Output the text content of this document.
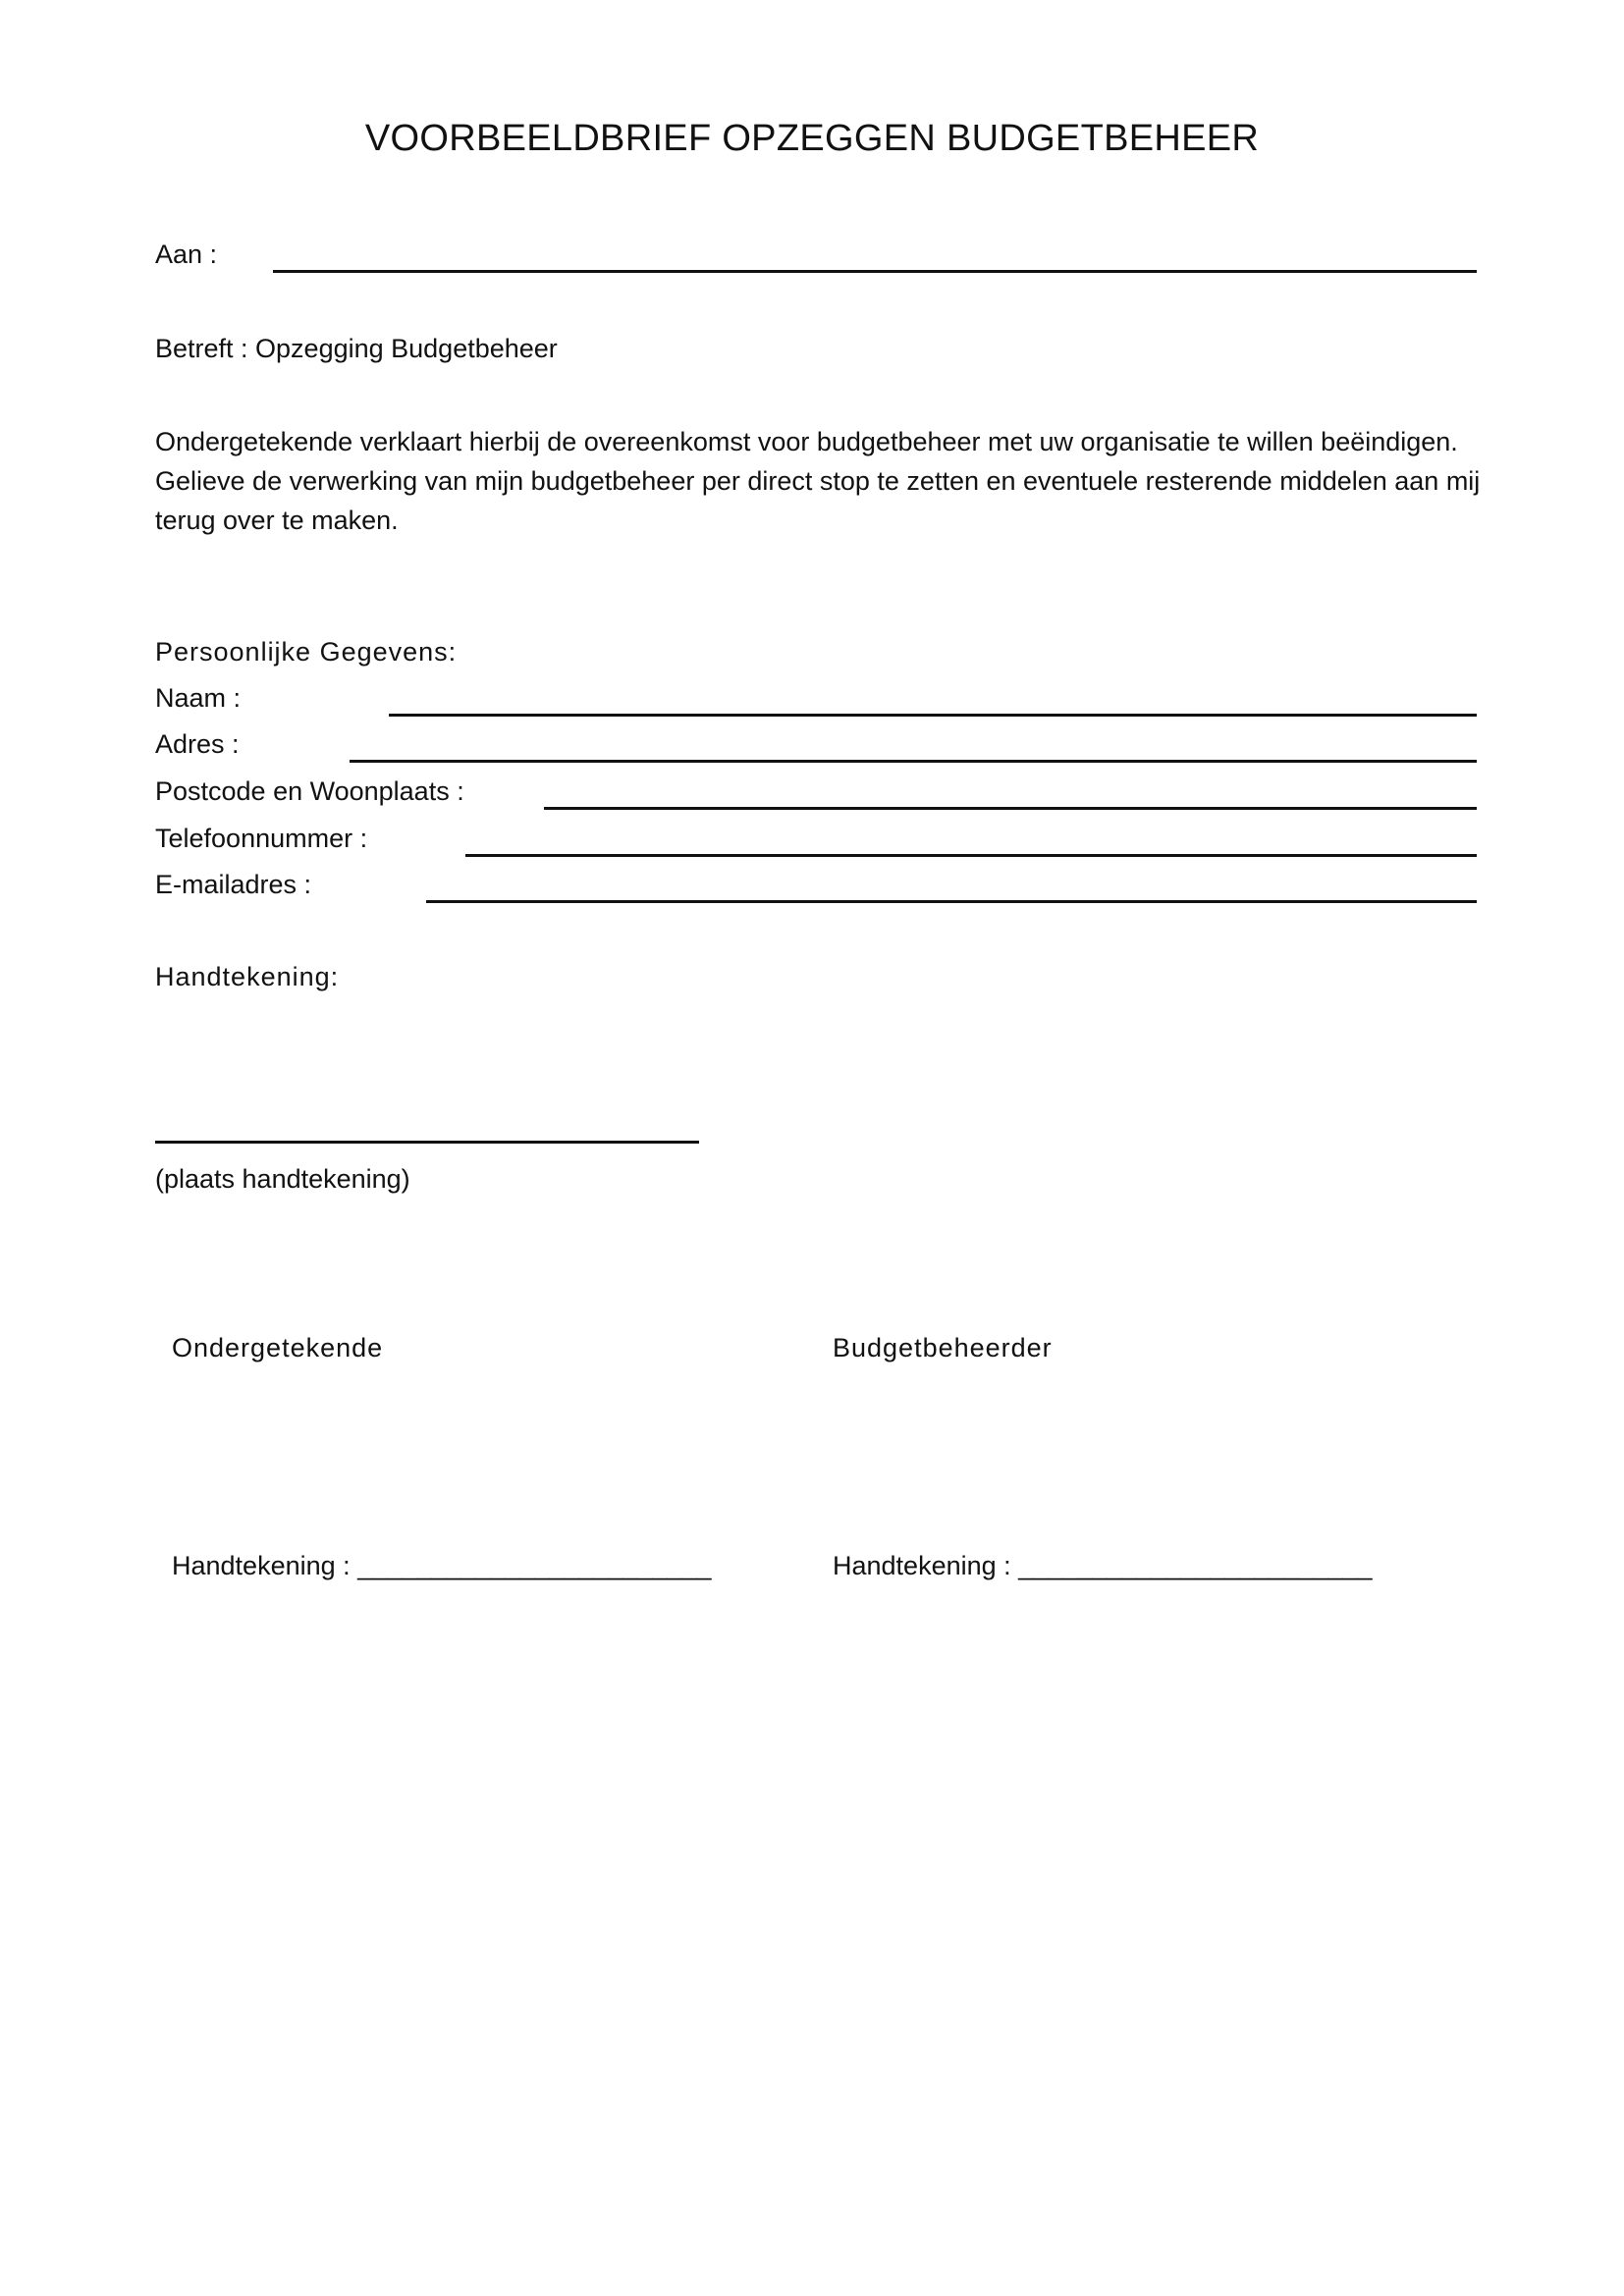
VOORBEELDBRIEF OPZEGGEN BUDGETBEHEER
Aan :
Betreft : Opzegging Budgetbeheer
Ondergetekende verklaart hierbij de overeenkomst voor budgetbeheer met uw organisatie te willen beëindigen. Gelieve de verwerking van mijn budgetbeheer per direct stop te zetten en eventuele resterende middelen aan mij terug over te maken.
Persoonlijke Gegevens:
Naam :
Adres :
Postcode en Woonplaats :
Telefoonnummer :
E-mailadres :
Handtekening:
(plaats handtekening)
Ondergetekende	Budgetbeheerder
Handtekening : ________________________	Handtekening : ________________________
